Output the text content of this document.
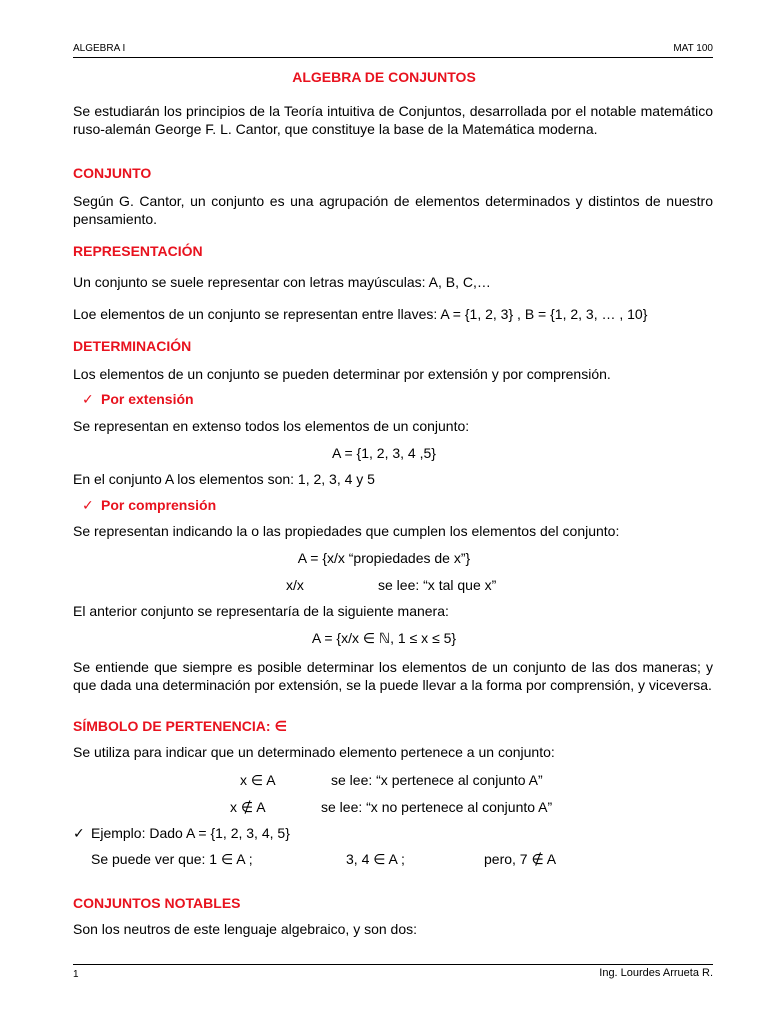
ALGEBRA I	MAT 100
ALGEBRA DE CONJUNTOS
Se estudiarán los principios de la Teoría intuitiva de Conjuntos, desarrollada por el notable matemático ruso-alemán George F. L. Cantor, que constituye la base de la Matemática moderna.
CONJUNTO
Según G. Cantor, un conjunto es una agrupación de elementos determinados y distintos de nuestro pensamiento.
REPRESENTACIÓN
Un conjunto se suele representar con letras mayúsculas: A, B, C,…
Loe elementos de un conjunto se representan entre llaves: A = {1, 2, 3} , B = {1, 2, 3, … , 10}
DETERMINACIÓN
Los elementos de un conjunto se pueden determinar por extensión y por comprensión.
✓ Por extensión
Se representan en extenso todos los elementos de un conjunto:
A = {1, 2, 3, 4 ,5}
En el conjunto A los elementos son: 1, 2, 3, 4 y 5
✓ Por comprensión
Se representan indicando la o las propiedades que cumplen los elementos del conjunto:
A = {x/x “propiedades de x”}
x/x	se lee: “x tal que x”
El anterior conjunto se representaría de la siguiente manera:
A = {x/x ∈ ℕ, 1 ≤ x ≤ 5}
Se entiende que siempre es posible determinar los elementos de un conjunto de las dos maneras; y que dada una determinación por extensión, se la puede llevar a la forma por comprensión, y viceversa.
SÍMBOLO DE PERTENENCIA: ∈
Se utiliza para indicar que un determinado elemento pertenece a un conjunto:
x ∈ A	se lee: “x pertenece al conjunto A”
x ∉ A	se lee: “x no pertenece al conjunto A”
✓ Ejemplo: Dado A = {1, 2, 3, 4, 5}
Se puede ver que: 1 ∈ A ;	3, 4 ∈ A ;	pero, 7 ∉ A
CONJUNTOS NOTABLES
Son los neutros de este lenguaje algebraico, y son dos:
1	Ing. Lourdes Arrueta R.
